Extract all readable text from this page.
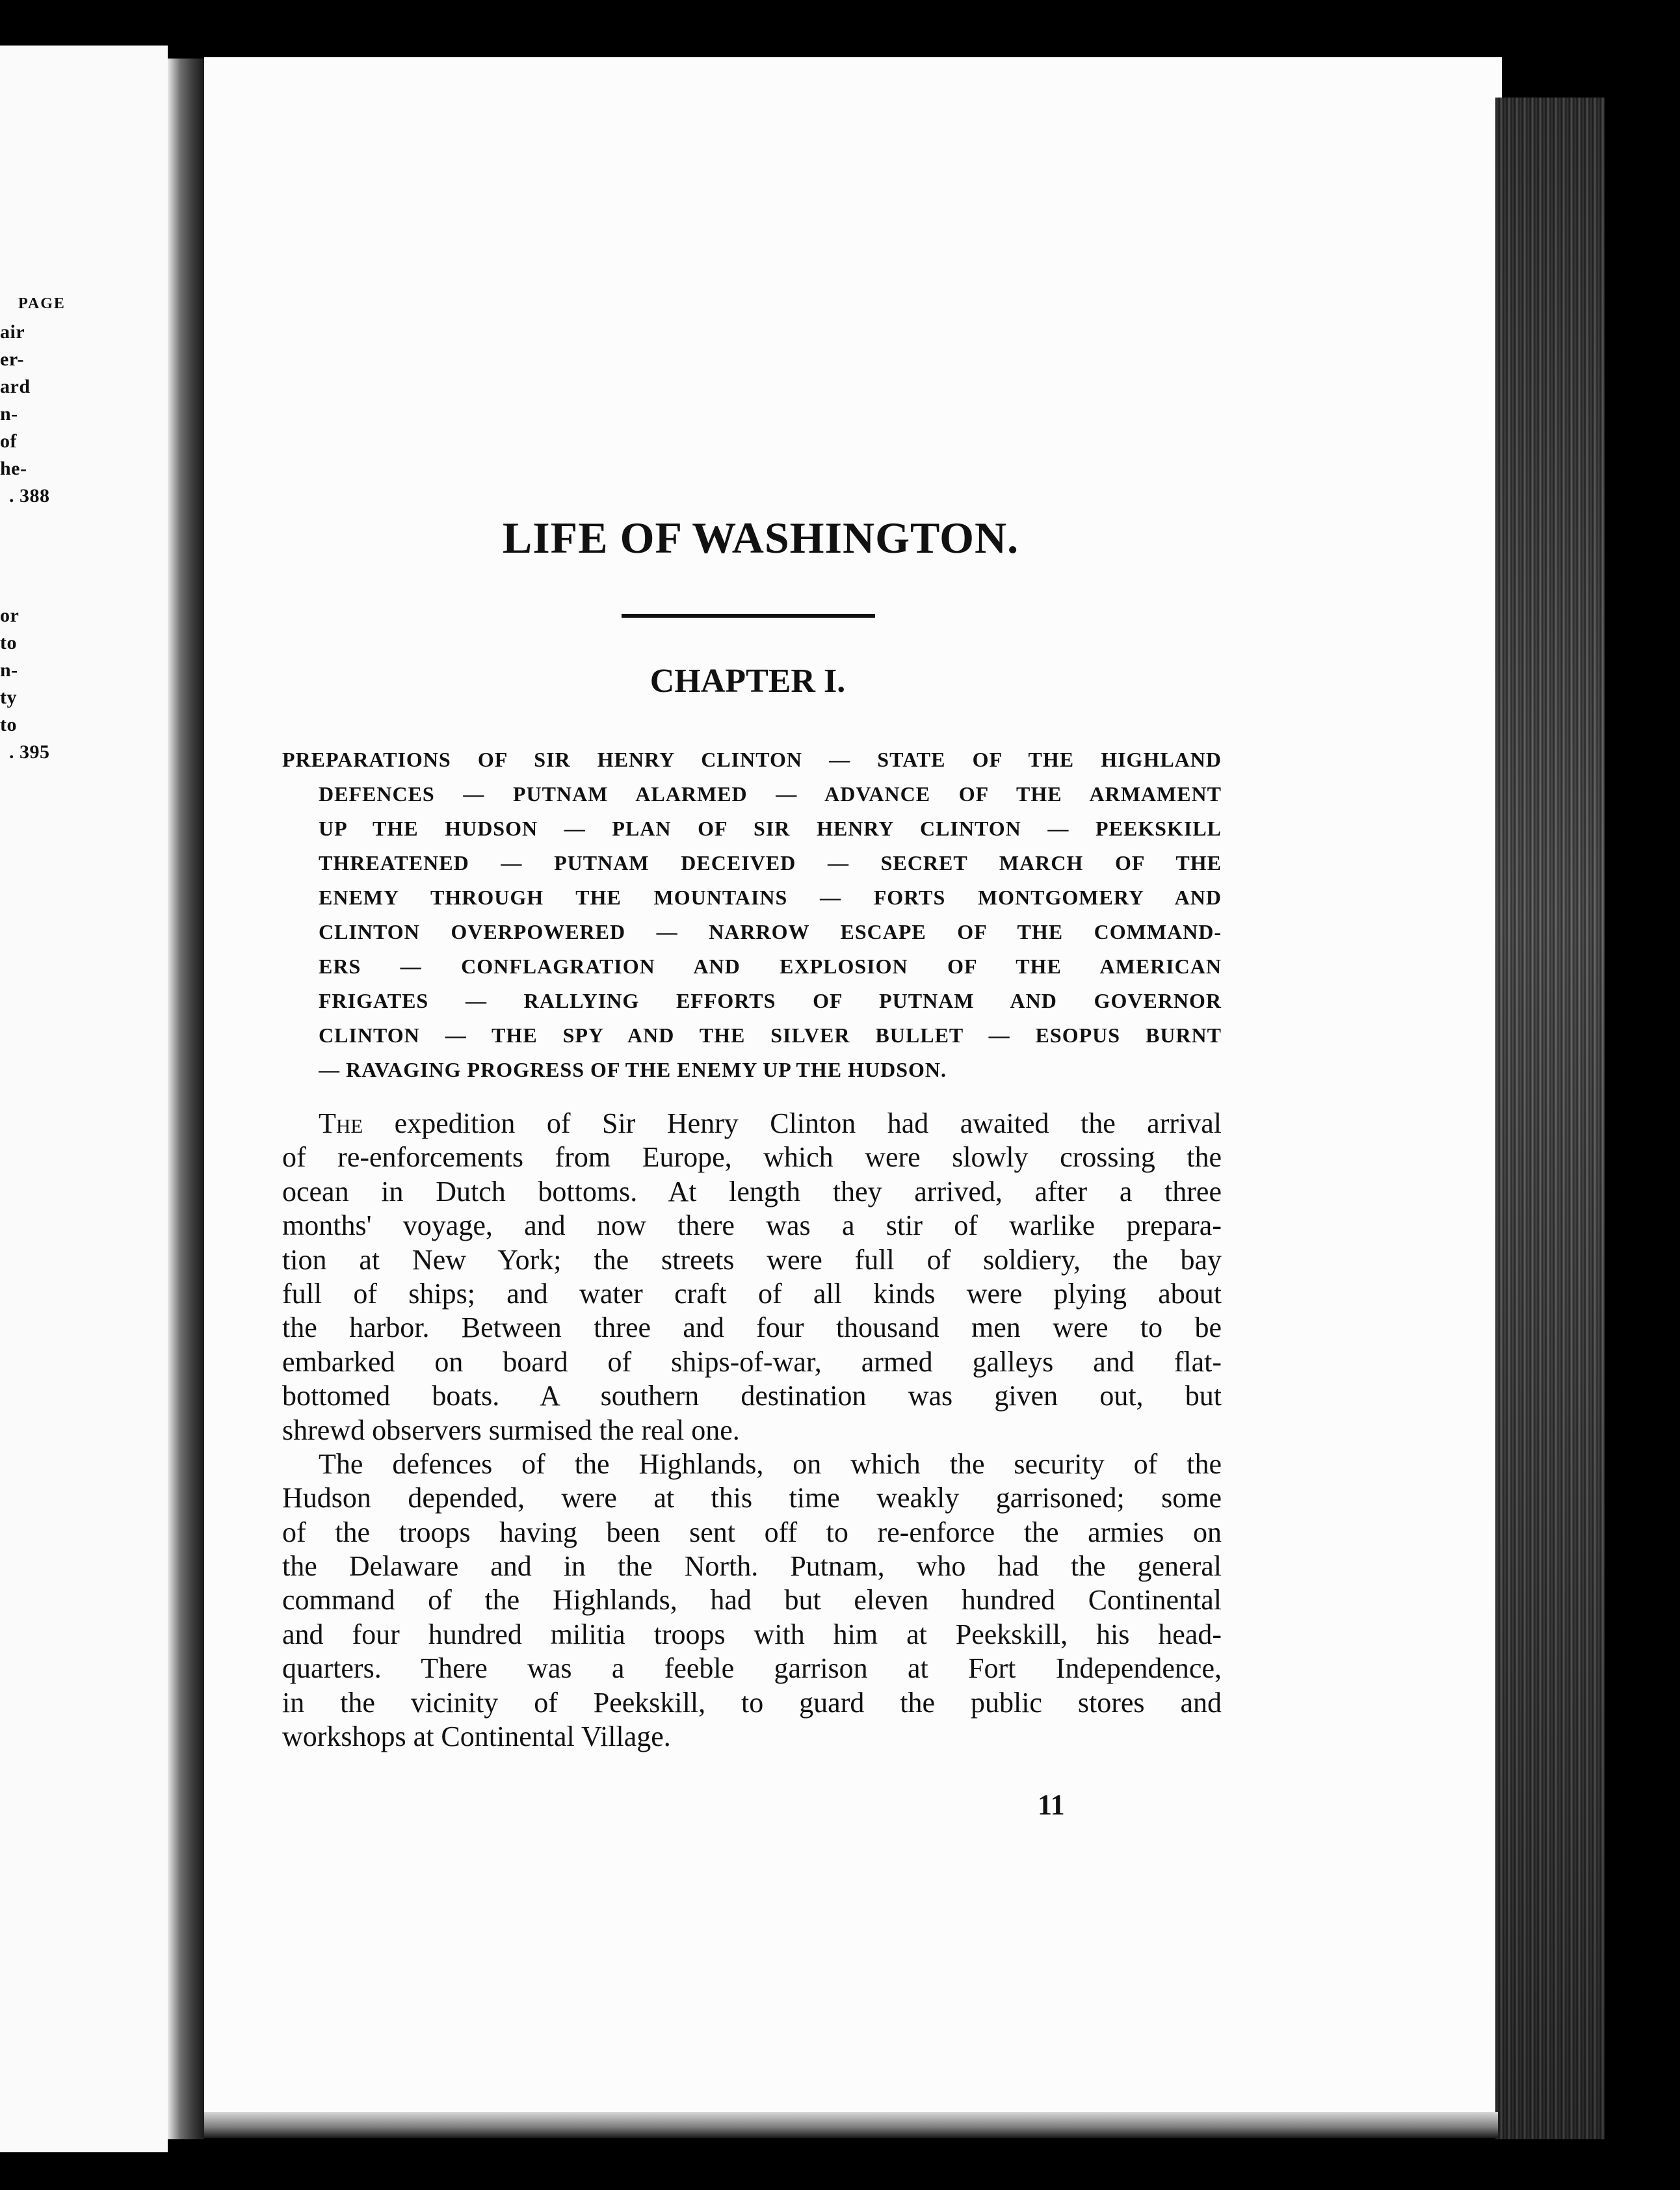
PAGE
air
er-
ard
n-
of
he-
. 388
or
to
n-
ty
to
. 395
LIFE OF WASHINGTON.
CHAPTER I.
PREPARATIONS OF SIR HENRY CLINTON — STATE OF THE HIGHLAND
DEFENCES — PUTNAM ALARMED — ADVANCE OF THE ARMAMENT
UP THE HUDSON — PLAN OF SIR HENRY CLINTON — PEEKSKILL
THREATENED — PUTNAM DECEIVED — SECRET MARCH OF THE
ENEMY THROUGH THE MOUNTAINS — FORTS MONTGOMERY AND
CLINTON OVERPOWERED — NARROW ESCAPE OF THE COMMAND-
ERS — CONFLAGRATION AND EXPLOSION OF THE AMERICAN
FRIGATES — RALLYING EFFORTS OF PUTNAM AND GOVERNOR
CLINTON — THE SPY AND THE SILVER BULLET — ESOPUS BURNT
— RAVAGING PROGRESS OF THE ENEMY UP THE HUDSON.
The expedition of Sir Henry Clinton had awaited the arrival
of re-enforcements from Europe, which were slowly crossing the
ocean in Dutch bottoms. At length they arrived, after a three
months' voyage, and now there was a stir of warlike prepara-
tion at New York; the streets were full of soldiery, the bay
full of ships; and water craft of all kinds were plying about
the harbor. Between three and four thousand men were to be
embarked on board of ships-of-war, armed galleys and flat-
bottomed boats. A southern destination was given out, but
shrewd observers surmised the real one.
The defences of the Highlands, on which the security of the
Hudson depended, were at this time weakly garrisoned; some
of the troops having been sent off to re-enforce the armies on
the Delaware and in the North. Putnam, who had the general
command of the Highlands, had but eleven hundred Continental
and four hundred militia troops with him at Peekskill, his head-
quarters. There was a feeble garrison at Fort Independence,
in the vicinity of Peekskill, to guard the public stores and
workshops at Continental Village.
11
